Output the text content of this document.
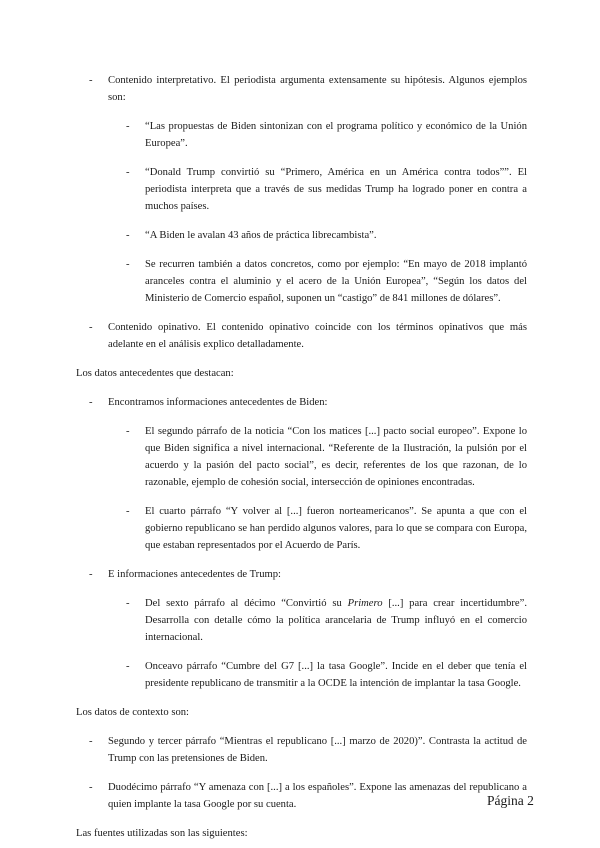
- Contenido interpretativo. El periodista argumenta extensamente su hipótesis. Algunos ejemplos son:
- “Las propuestas de Biden sintonizan con el programa político y económico de la Unión Europea”.
- “Donald Trump convirtió su “Primero, América en un América contra todos””. El periodista interpreta que a través de sus medidas Trump ha logrado poner en contra a muchos países.
- “A Biden le avalan 43 años de práctica librecambista”.
- Se recurren también a datos concretos, como por ejemplo: “En mayo de 2018 implantó aranceles contra el aluminio y el acero de la Unión Europea”, “Según los datos del Ministerio de Comercio español, suponen un “castigo” de 841 millones de dólares”.
- Contenido opinativo. El contenido opinativo coincide con los términos opinativos que más adelante en el análisis explico detalladamente.
Los datos antecedentes que destacan:
- Encontramos informaciones antecedentes de Biden:
- El segundo párrafo de la noticia “Con los matices [...] pacto social europeo”. Expone lo que Biden significa a nivel internacional. “Referente de la Ilustración, la pulsión por el acuerdo y la pasión del pacto social”, es decir, referentes de los que razonan, de lo razonable, ejemplo de cohesión social, intersección de opiniones encontradas.
- El cuarto párrafo “Y volver al [...] fueron norteamericanos”. Se apunta a que con el gobierno republicano se han perdido algunos valores, para lo que se compara con Europa, que estaban representados por el Acuerdo de París.
- E informaciones antecedentes de Trump:
- Del sexto párrafo al décimo “Convirtió su Primero [...] para crear incertidumbre”. Desarrolla con detalle cómo la política arancelaria de Trump influyó en el comercio internacional.
- Onceavo párrafo “Cumbre del G7 [...] la tasa Google”. Incide en el deber que tenía el presidente republicano de transmitir a la OCDE la intención de implantar la tasa Google.
Los datos de contexto son:
- Segundo y tercer párrafo “Mientras el republicano [...] marzo de 2020)”. Contrasta la actitud de Trump con las pretensiones de Biden.
- Duodécimo párrafo “Y amenaza con [...] a los españoles”. Expone las amenazas del republicano a quien implante la tasa Google por su cuenta.
Las fuentes utilizadas son las siguientes:
Página 2
